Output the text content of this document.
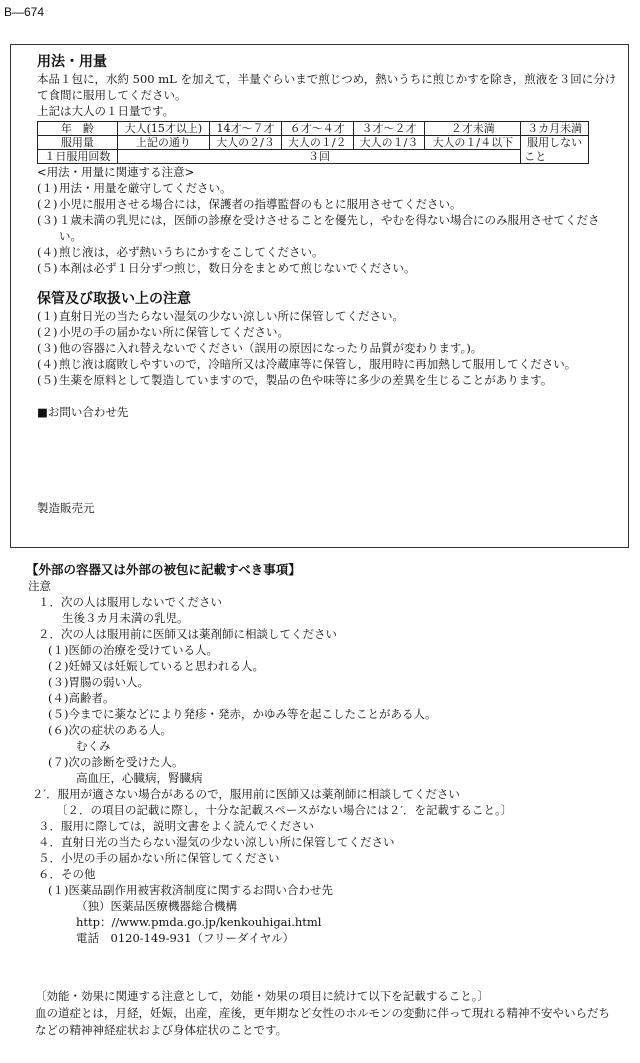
B—674
用法・用量

本品１包に，水約 500 mL を加えて，半量ぐらいまで煎じつめ，熱いうちに煎じかすを除き，煎液を３回に分けて食間に服用してください。

上記は大人の１日量です。

年　齢	大人(15才以上)	14才〜７才	６才〜４才	３才〜２才	２才未満	３カ月未満
服用量	上記の通り	大人の２/３	大人の１/２	大人の１/３	大人の１/４以下	服用しない
１日服用回数	３回					こと

<用法・用量に関連する注意>

(１) 用法・用量を厳守してください。
(２) 小児に服用させる場合には，保護者の指導監督のもとに服用させてください。
(３) １歳未満の乳児には，医師の診療を受けさせることを優先し，やむを得ない場合にのみ服用させてください。
(４) 煎じ液は，必ず熱いうちにかすをこしてください。
(５) 本剤は必ず１日分ずつ煎じ，数日分をまとめて煎じないでください。
保管及び取扱い上の注意
(１) 直射日光の当たらない湿気の少ない涼しい所に保管してください。
(２) 小児の手の届かない所に保管してください。
(３) 他の容器に入れ替えないでください（誤用の原因になったり品質が変わります。)。
(４) 煎じ液は腐敗しやすいので，冷暗所又は冷蔵庫等に保管し，服用時に再加熱して服用してください。
(５) 生薬を原料として製造していますので，製品の色や味等に多少の差異を生じることがあります。

■お問い合わせ先

製造販売元

【外部の容器又は外部の被包に記載すべき事項】
注意
１． 次の人は服用しないでください
生後３カ月未満の乳児。
２． 次の人は服用前に医師又は薬剤師に相談してください
(１)医師の治療を受けている人。
(２)妊婦又は妊娠していると思われる人。
(３)胃腸の弱い人。
(４)高齢者。
(５)今までに薬などにより発疹・発赤，かゆみ等を起こしたことがある人。
(６)次の症状のある人。
むくみ
(７)次の診断を受けた人。
高血圧，心臓病，腎臓病
２′． 服用が適さない場合があるので，服用前に医師又は薬剤師に相談してください
〔２．の項目の記載に際し，十分な記載スペースがない場合には２′．を記載すること。〕
３． 服用に際しては，説明文書をよく読んでください
４． 直射日光の当たらない湿気の少ない涼しい所に保管してください
５． 小児の手の届かない所に保管してください
６． その他
(１)医薬品副作用被害救済制度に関するお問い合わせ先
（独）医薬品医療機器総合機構
http：//www.pmda.go.jp/kenkouhigai.html
電話　 0120-149-931（フリーダイヤル）
〔効能・効果に関連する注意として，効能・効果の項目に続けて以下を記載すること。〕
血の道症とは，月経，妊娠，出産，産後，更年期など女性のホルモンの変動に伴って現れる精神不安やいらだちなどの精神神経症状および身体症状のことです。
